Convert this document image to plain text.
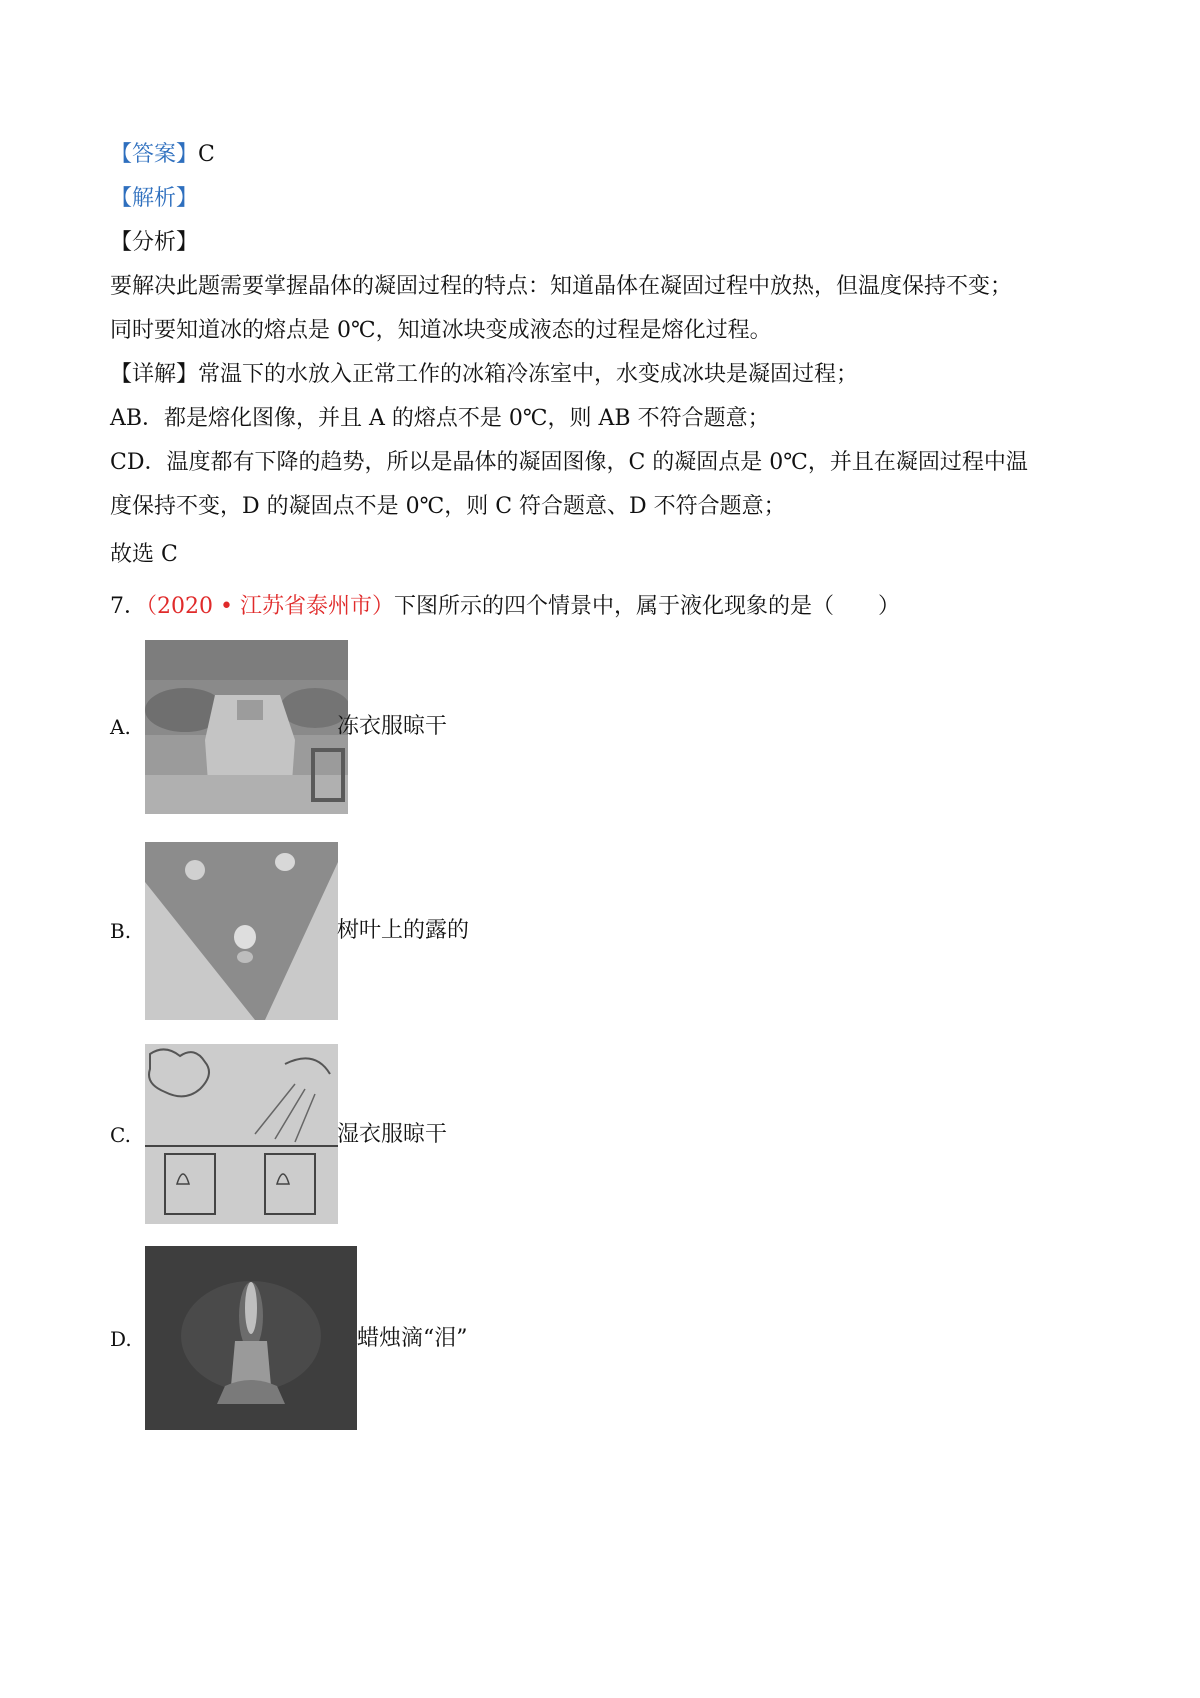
【答案】C
【解析】
【分析】
要解决此题需要掌握晶体的凝固过程的特点：知道晶体在凝固过程中放热，但温度保持不变；
同时要知道冰的熔点是 0℃，知道冰块变成液态的过程是熔化过程。
【详解】常温下的水放入正常工作的冰箱冷冻室中，水变成冰块是凝固过程；
AB．都是熔化图像，并且 A 的熔点不是 0℃，则 AB 不符合题意；
CD．温度都有下降的趋势，所以是晶体的凝固图像，C 的凝固点是 0℃，并且在凝固过程中温
度保持不变，D 的凝固点不是 0℃，则 C 符合题意、D 不符合题意；
故选 C
7．（2020 • 江苏省泰州市）下图所示的四个情景中，属于液化现象的是（　　）
A.	冻衣服晾干
B.	树叶上的露的
C.	湿衣服晾干
D.	蜡烛滴“泪”
